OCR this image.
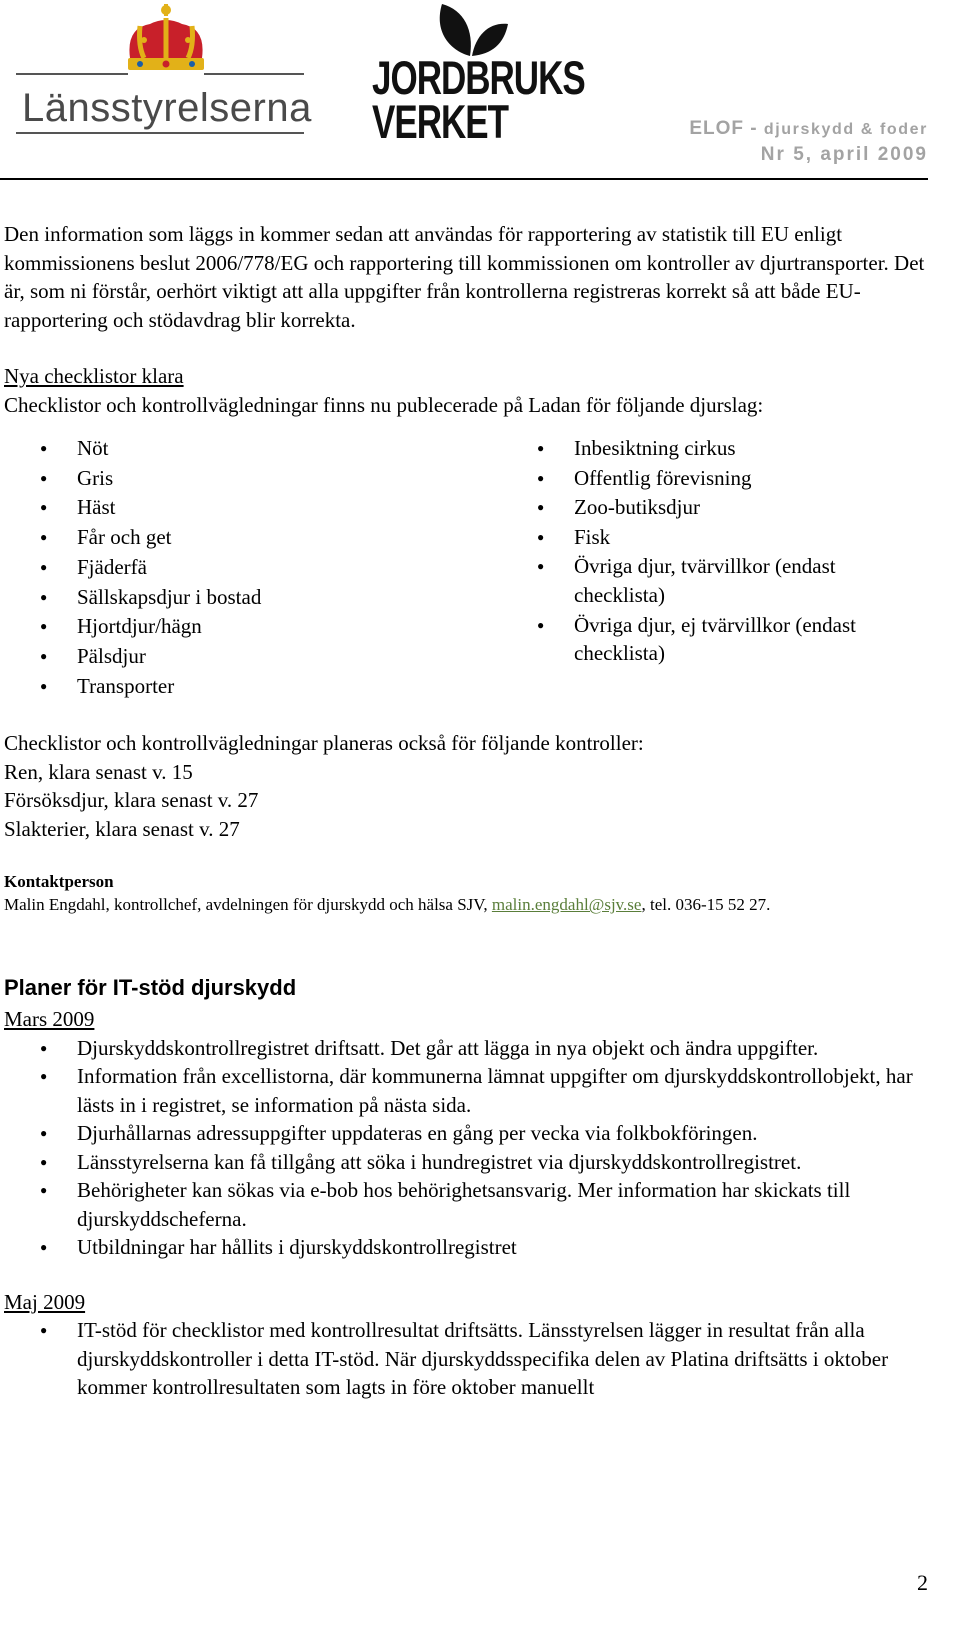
Länsstyrelserna
JORDBRUKS
VERKET	ELOF - djurskydd & foder
Nr 5, april 2009

Den information som läggs in kommer sedan att användas för rapportering av statistik till EU enligt kommissionens beslut 2006/778/EG och rapportering till kommissionen om kontroller av djurtransporter. Det är, som ni förstår, oerhört viktigt att alla uppgifter från kontrollerna registreras korrekt så att både EU-rapportering och stödavdrag blir korrekta.

Nya checklistor klara

Checklistor och kontrollvägledningar finns nu publecerade på Ladan för följande djurslag:

● Nöt
● Gris
● Häst
● Får och get
● Fjäderfä
● Sällskapsdjur i bostad
● Hjortdjur/hägn
● Pälsdjur
● Transporter
● Inbesiktning cirkus
● Offentlig förevisning
● Zoo-butiksdjur
● Fisk
● Övriga djur, tvärvillkor (endast checklista)
● Övriga djur, ej tvärvillkor (endast checklista)

Checklistor och kontrollvägledningar planeras också för följande kontroller:

Ren, klara senast v. 15

Försöksdjur, klara senast v. 27

Slakterier, klara senast v. 27

Kontaktperson

Malin Engdahl, kontrollchef, avdelningen för djurskydd och hälsa SJV, malin.engdahl@sjv.se, tel. 036-15 52 27.

Planer för IT-stöd djurskydd

Mars 2009

● Djurskyddskontrollregistret driftsatt. Det går att lägga in nya objekt och ändra uppgifter.
● Information från excellistorna, där kommunerna lämnat uppgifter om djurskyddskontrollobjekt, har lästs in i registret, se information på nästa sida.
● Djurhållarnas adressuppgifter uppdateras en gång per vecka via folkbokföringen.
● Länsstyrelserna kan få tillgång att söka i hundregistret via djurskyddskontrollregistret.
● Behörigheter kan sökas via e-bob hos behörighetsansvarig. Mer information har skickats till djurskyddscheferna.
● Utbildningar har hållits i djurskyddskontrollregistret

Maj 2009

● IT-stöd för checklistor med kontrollresultat driftsätts. Länsstyrelsen lägger in resultat från alla djurskyddskontroller i detta IT-stöd. När djurskyddsspecifika delen av Platina driftsätts i oktober kommer kontrollresultaten som lagts in före oktober manuellt
2
